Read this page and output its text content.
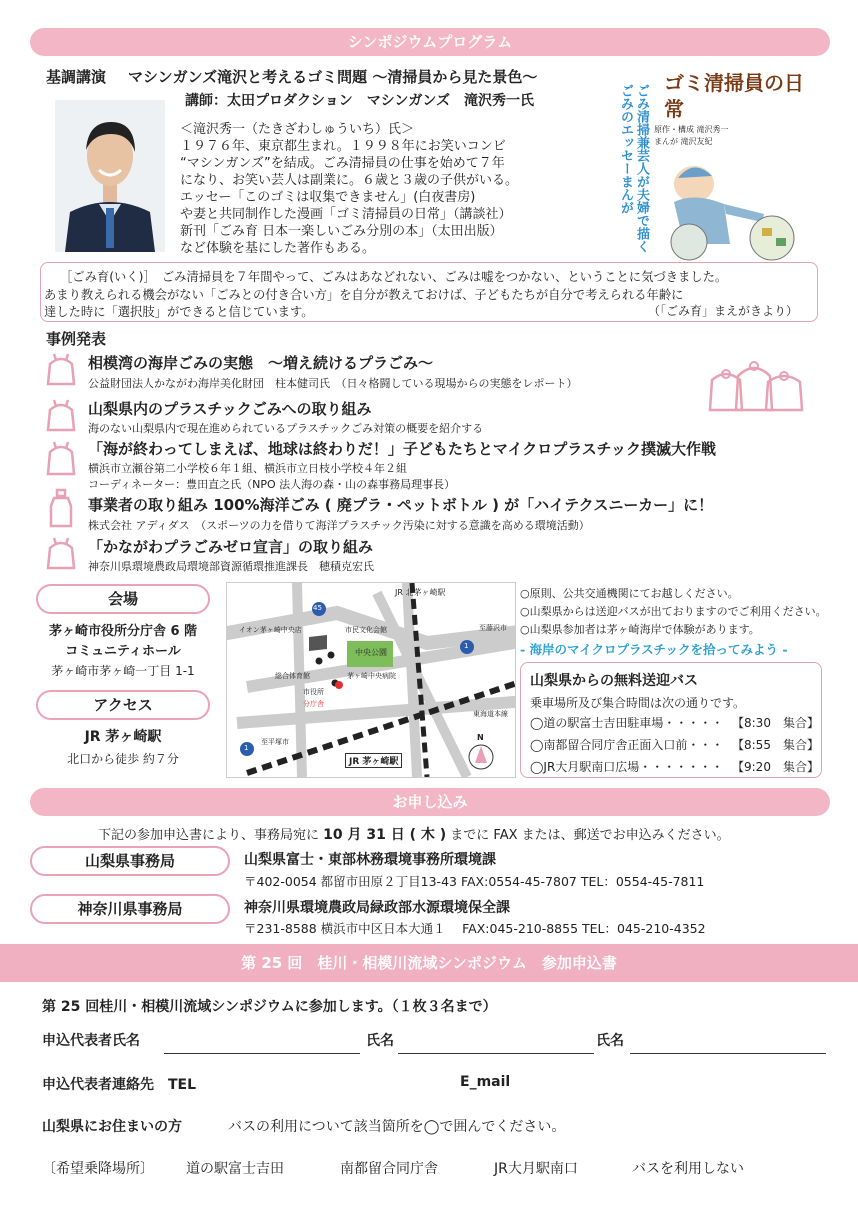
シンポジウムプログラム
基調講演 マシンガンズ滝沢と考えるゴミ問題 〜清掃員から見た景色〜
講師：太田プロダクション　マシンガンズ　滝沢秀一氏
＜滝沢秀一（たきざわしゅういち）氏＞
１９７６年、東京都生まれ。１９９８年にお笑いコンビ
“マシンガンズ”を結成。ごみ清掃員の仕事を始めて７年
になり、お笑い芸人は副業に。６歳と３歳の子供がいる。
エッセー「このゴミは収集できません」(白夜書房)
や妻と共同制作した漫画「ゴミ清掃員の日常」（講談社）
新刊「ごみ育 日本一楽しいごみ分別の本」（太田出版）
など体験を基にした著作もある。
ゴミ清掃員の日常
ごみ清掃兼芸人が夫婦で描く
ごみのエッセーまんが	原作・構成 滝沢秀一
まんが 滝沢友紀
［ごみ育(いく)］　ごみ清掃員を７年間やって、ごみはあなどれない、ごみは嘘をつかない、ということに気づきました。
あまり教えられる機会がない「ごみとの付き合い方」を自分が教えておけば、子どもたちが自分で考えられる年齢に
達した時に「選択肢」ができると信じています。	（「ごみ育」まえがきより）
事例発表
相模湾の海岸ごみの実態　～増え続けるプラごみ～
公益財団法人かながわ海岸美化財団　柱本健司氏　（日々格闘している現場からの実態をレポート）
山梨県内のプラスチックごみへの取り組み
海のない山梨県内で現在進められているプラスチックごみ対策の概要を紹介する
「海が終わってしまえば、地球は終わりだ！」子どもたちとマイクロプラスチック撲滅大作戦
横浜市立瀬谷第二小学校６年１組、横浜市立日枝小学校４年２組
コーディネーター：豊田直之氏（NPO 法人海の森・山の森事務局理事長）
事業者の取り組み 100%海洋ごみ ( 廃プラ・ペットボトル ) が「ハイテクスニーカー」に！
株式会社 アディダス　（スポーツの力を借りて海洋プラスチック汚染に対する意識を高める環境活動）
「かながわプラごみゼロ宣言」の取り組み
神奈川県環境農政局環境部資源循環推進課長　穂積克宏氏
会場
茅ヶ崎市役所分庁舎 6 階
コミュニティホール
茅ヶ崎市茅ヶ崎一丁目 1-1
アクセス
JR 茅ヶ崎駅
北口から徒歩 約７分
JR 北茅ヶ崎駅
イオン茅ヶ崎中央店	市民文化会館
中央公園
茅ヶ崎中央病院
総合体育館
市役所
分庁舎
JR 茅ヶ崎駅
至藤沢市
至平塚市
東海道本線
N
45
1
1
○原則、公共交通機関にてお越しください。
○山梨県からは送迎バスが出ておりますのでご利用ください。
○山梨県参加者は茅ヶ崎海岸で体験があります。
- 海岸のマイクロプラスチックを拾ってみよう -
山梨県からの無料送迎バス
乗車場所及び集合時間は次の通りです。
◯道の駅富士吉田駐車場・・・・・ 【8:30　集合】
◯南都留合同庁舎正面入口前・・・ 【8:55　集合】
◯JR大月駅南口広場・・・・・・・ 【9:20　集合】
お申し込み
下記の参加申込書により、事務局宛に 10 月 31 日 ( 木 ) までに FAX または、郵送でお申込みください。
山梨県事務局	山梨県富士・東部林務環境事務所環境課
〒402-0054 都留市田原２丁目13-43 FAX:0554-45-7807 TEL：0554-45-7811
神奈川県事務局	神奈川県環境農政局緑政部水源環境保全課
〒231-8588 横浜市中区日本大通１　 FAX:045-210-8855 TEL：045-210-4352
第 25 回　桂川・相模川流域シンポジウム　参加申込書
第 25 回桂川・相模川流域シンポジウムに参加します。（１枚３名まで）
申込代表者氏名	氏名	氏名
申込代表者連絡先　TEL	E_mail
山梨県にお住まいの方	バスの利用について該当箇所を◯で囲んでください。
〔希望乗降場所〕 道の駅富士吉田	南都留合同庁舎	JR大月駅南口	バスを利用しない
